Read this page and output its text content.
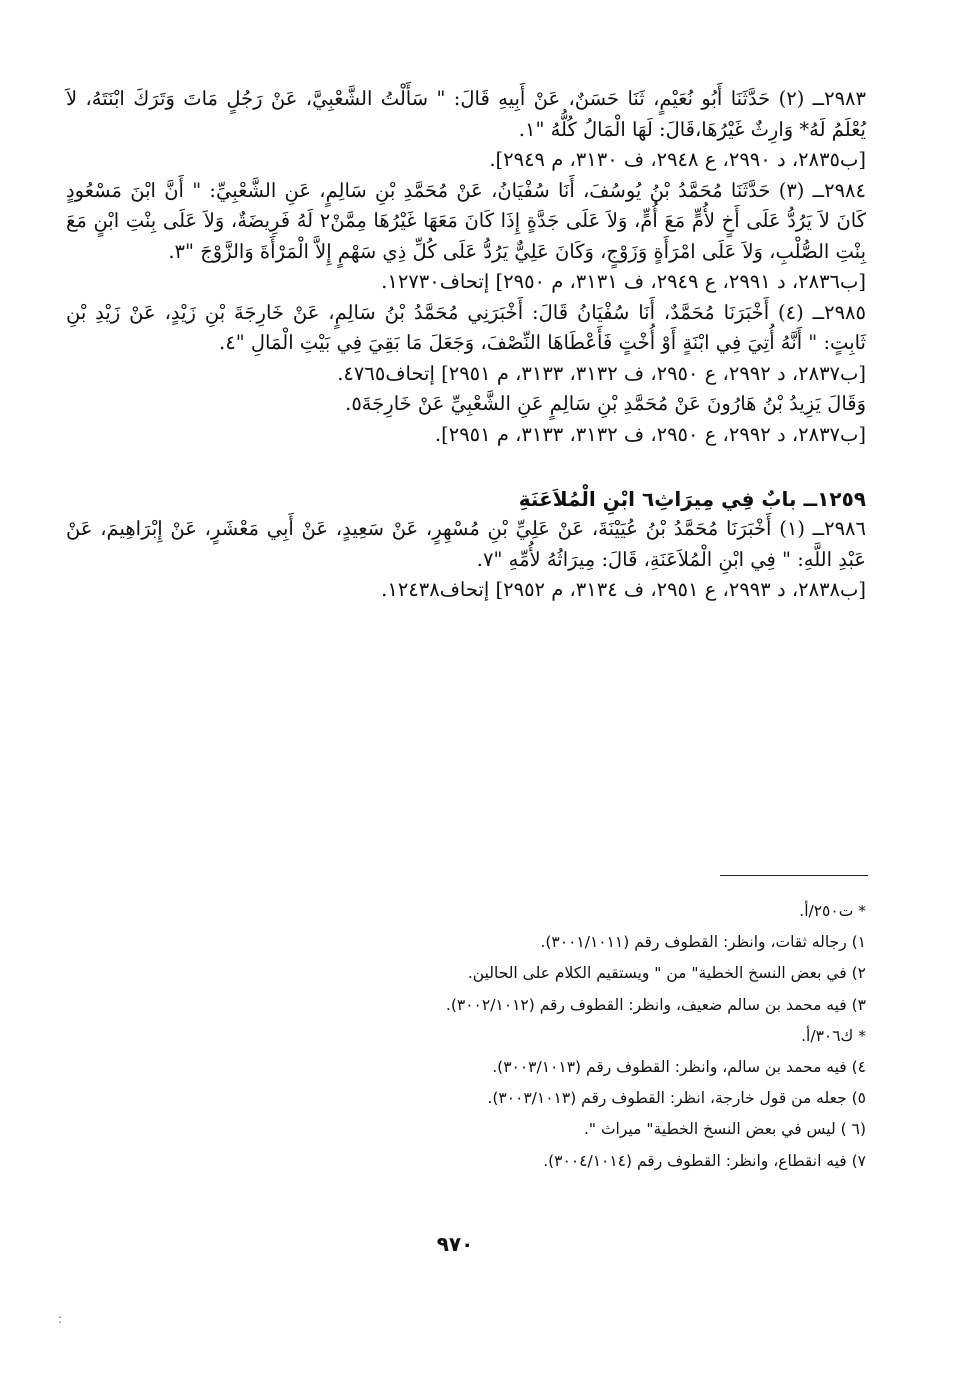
٢٩٨٣ــ (٢) حَدَّثَنَا أَبُو نُعَيْمٍ، ثَنَا حَسَنٌ، عَنْ أَبِيهِ قَالَ: " سَأَلْتُ الشَّعْبِيَّ، عَنْ رَجُلٍ مَاتَ وَتَرَكَ ابْنَتَهُ، لاَ يُعْلَمُ لَهُ* وَارِثٌ غَيْرُهَا،قَالَ: لَهَا الْمَالُ كُلُّهُ "١.

[ب٢٨٣٥، د ٢٩٩٠، ع ٢٩٤٨، ف ٣١٣٠، م ٢٩٤٩].

٢٩٨٤ــ (٣) حَدَّثَنَا مُحَمَّدُ بْنُ يُوسُفَ، أَنَا سُفْيَانُ، عَنْ مُحَمَّدِ بْنِ سَالِمٍ، عَنِ الشَّعْبِيِّ: " أَنَّ ابْنَ مَسْعُودٍ كَانَ لاَ يَرُدُّ عَلَى أَخٍ لأُمٍّ مَعَ أُمٍّ، وَلاَ عَلَى جَدَّةٍ إِذَا كَانَ مَعَهَا غَيْرُهَا مِمَّنْ٢ لَهُ فَرِيضَةٌ، وَلاَ عَلَى بِنْتِ ابْنٍ مَعَ بِنْتِ الصُّلْبِ، وَلاَ عَلَى امْرَأَةٍ وَزَوْجٍ، وَكَانَ عَلِيٌّ يَرُدُّ عَلَى كُلِّ ذِي سَهْمٍ إِلاَّ الْمَرْأَةَ وَالزَّوْجَ "٣.

[ب٢٨٣٦، د ٢٩٩١، ع ٢٩٤٩، ف ٣١٣١، م ٢٩٥٠] إتحاف١٢٧٣٠.

٢٩٨٥ــ (٤) أَخْبَرَنَا مُحَمَّدٌ، أَنَا سُفْيَانُ قَالَ: أَخْبَرَنِي مُحَمَّدُ بْنُ سَالِمٍ، عَنْ خَارِجَةَ بْنِ زَيْدٍ، عَنْ زَيْدِ بْنِ ثَابِتٍ: " أَنَّهُ أُتِيَ فِي ابْنَةٍ أَوْ أُخْتٍ فَأَعْطَاهَا النِّصْفَ، وَجَعَلَ مَا بَقِيَ فِي بَيْتِ الْمَالِ "٤.

[ب٢٨٣٧، د ٢٩٩٢، ع ٢٩٥٠، ف ٣١٣٢، ٣١٣٣، م ٢٩٥١] إتحاف٤٧٦٥.

وَقَالَ يَزِيدُ بْنُ هَارُونَ عَنْ مُحَمَّدِ بْنِ سَالِمٍ عَنِ الشَّعْبِيِّ عَنْ خَارِجَةَ٥.

[ب٢٨٣٧، د ٢٩٩٢، ع ٢٩٥٠، ف ٣١٣٢، ٣١٣٣، م ٢٩٥١].

١٢٥٩ــ بابٌ فِي مِيرَاثِ٦ ابْنِ الْمُلاَعَنَةِ

٢٩٨٦ــ (١) أَخْبَرَنَا مُحَمَّدُ بْنُ عُيَيْنَةَ، عَنْ عَلِيِّ بْنِ مُسْهِرٍ، عَنْ سَعِيدٍ، عَنْ أَبِي مَعْشَرٍ، عَنْ إِبْرَاهِيمَ، عَنْ عَبْدِ اللَّهِ: " فِي ابْنِ الْمُلاَعَنَةِ، قَالَ: مِيرَاثُهُ لأُمِّهِ "٧.

[ب٢٨٣٨، د ٢٩٩٣، ع ٢٩٥١، ف ٣١٣٤، م ٢٩٥٢] إتحاف١٢٤٣٨.

* ت٢٥٠/أ.

١) رجاله ثقات، وانظر: القطوف رقم (٣٠٠١/١٠١١).

٢) في بعض النسخ الخطية" من " ويستقيم الكلام على الحالين.

٣) فيه محمد بن سالم ضعيف، وانظر: القطوف رقم (٣٠٠٢/١٠١٢).

* ك٣٠٦/أ.

٤) فيه محمد بن سالم، وانظر: القطوف رقم (٣٠٠٣/١٠١٣).

٥) جعله من قول خارجة، انظر: القطوف رقم (٣٠٠٣/١٠١٣).

(٦ ) ليس في بعض النسخ الخطية" ميراث ".

٧) فيه انقطاع، وانظر: القطوف رقم (٣٠٠٤/١٠١٤).

٩٧٠
:
